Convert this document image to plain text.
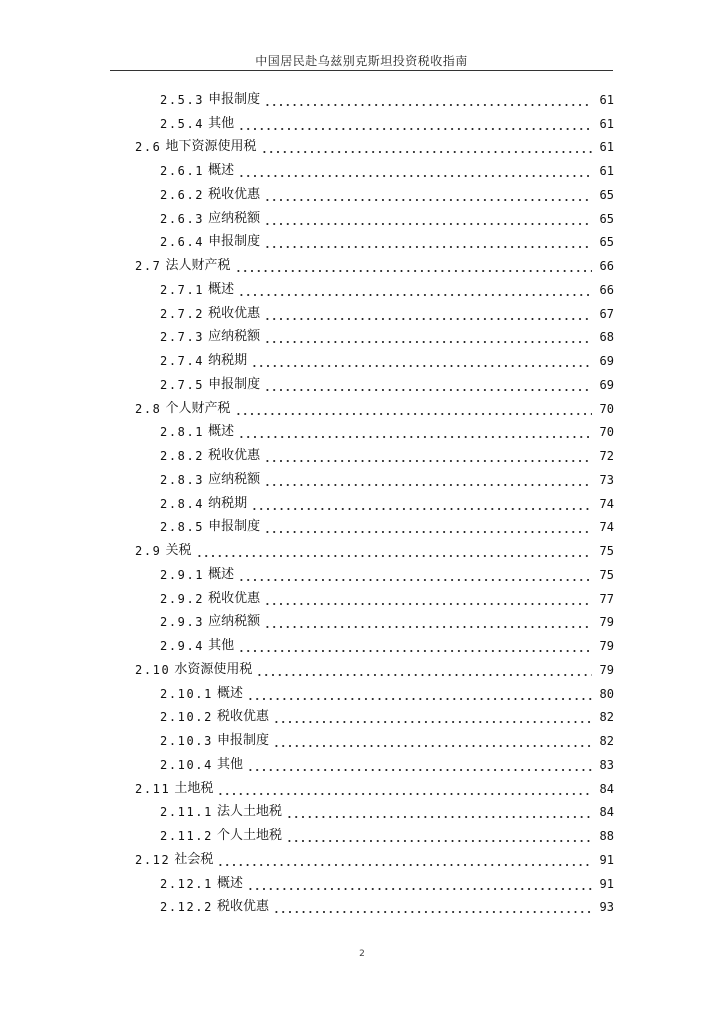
中国居民赴乌兹别克斯坦投资税收指南
2.5.3 申报制度	61
2.5.4 其他	61
2.6 地下资源使用税	61
2.6.1 概述	61
2.6.2 税收优惠	65
2.6.3 应纳税额	65
2.6.4 申报制度	65
2.7 法人财产税	66
2.7.1 概述	66
2.7.2 税收优惠	67
2.7.3 应纳税额	68
2.7.4 纳税期	69
2.7.5 申报制度	69
2.8 个人财产税	70
2.8.1 概述	70
2.8.2 税收优惠	72
2.8.3 应纳税额	73
2.8.4 纳税期	74
2.8.5 申报制度	74
2.9 关税	75
2.9.1 概述	75
2.9.2 税收优惠	77
2.9.3 应纳税额	79
2.9.4 其他	79
2.10 水资源使用税	79
2.10.1 概述	80
2.10.2 税收优惠	82
2.10.3 申报制度	82
2.10.4 其他	83
2.11 土地税	84
2.11.1 法人土地税	84
2.11.2 个人土地税	88
2.12 社会税	91
2.12.1 概述	91
2.12.2 税收优惠	93
2
